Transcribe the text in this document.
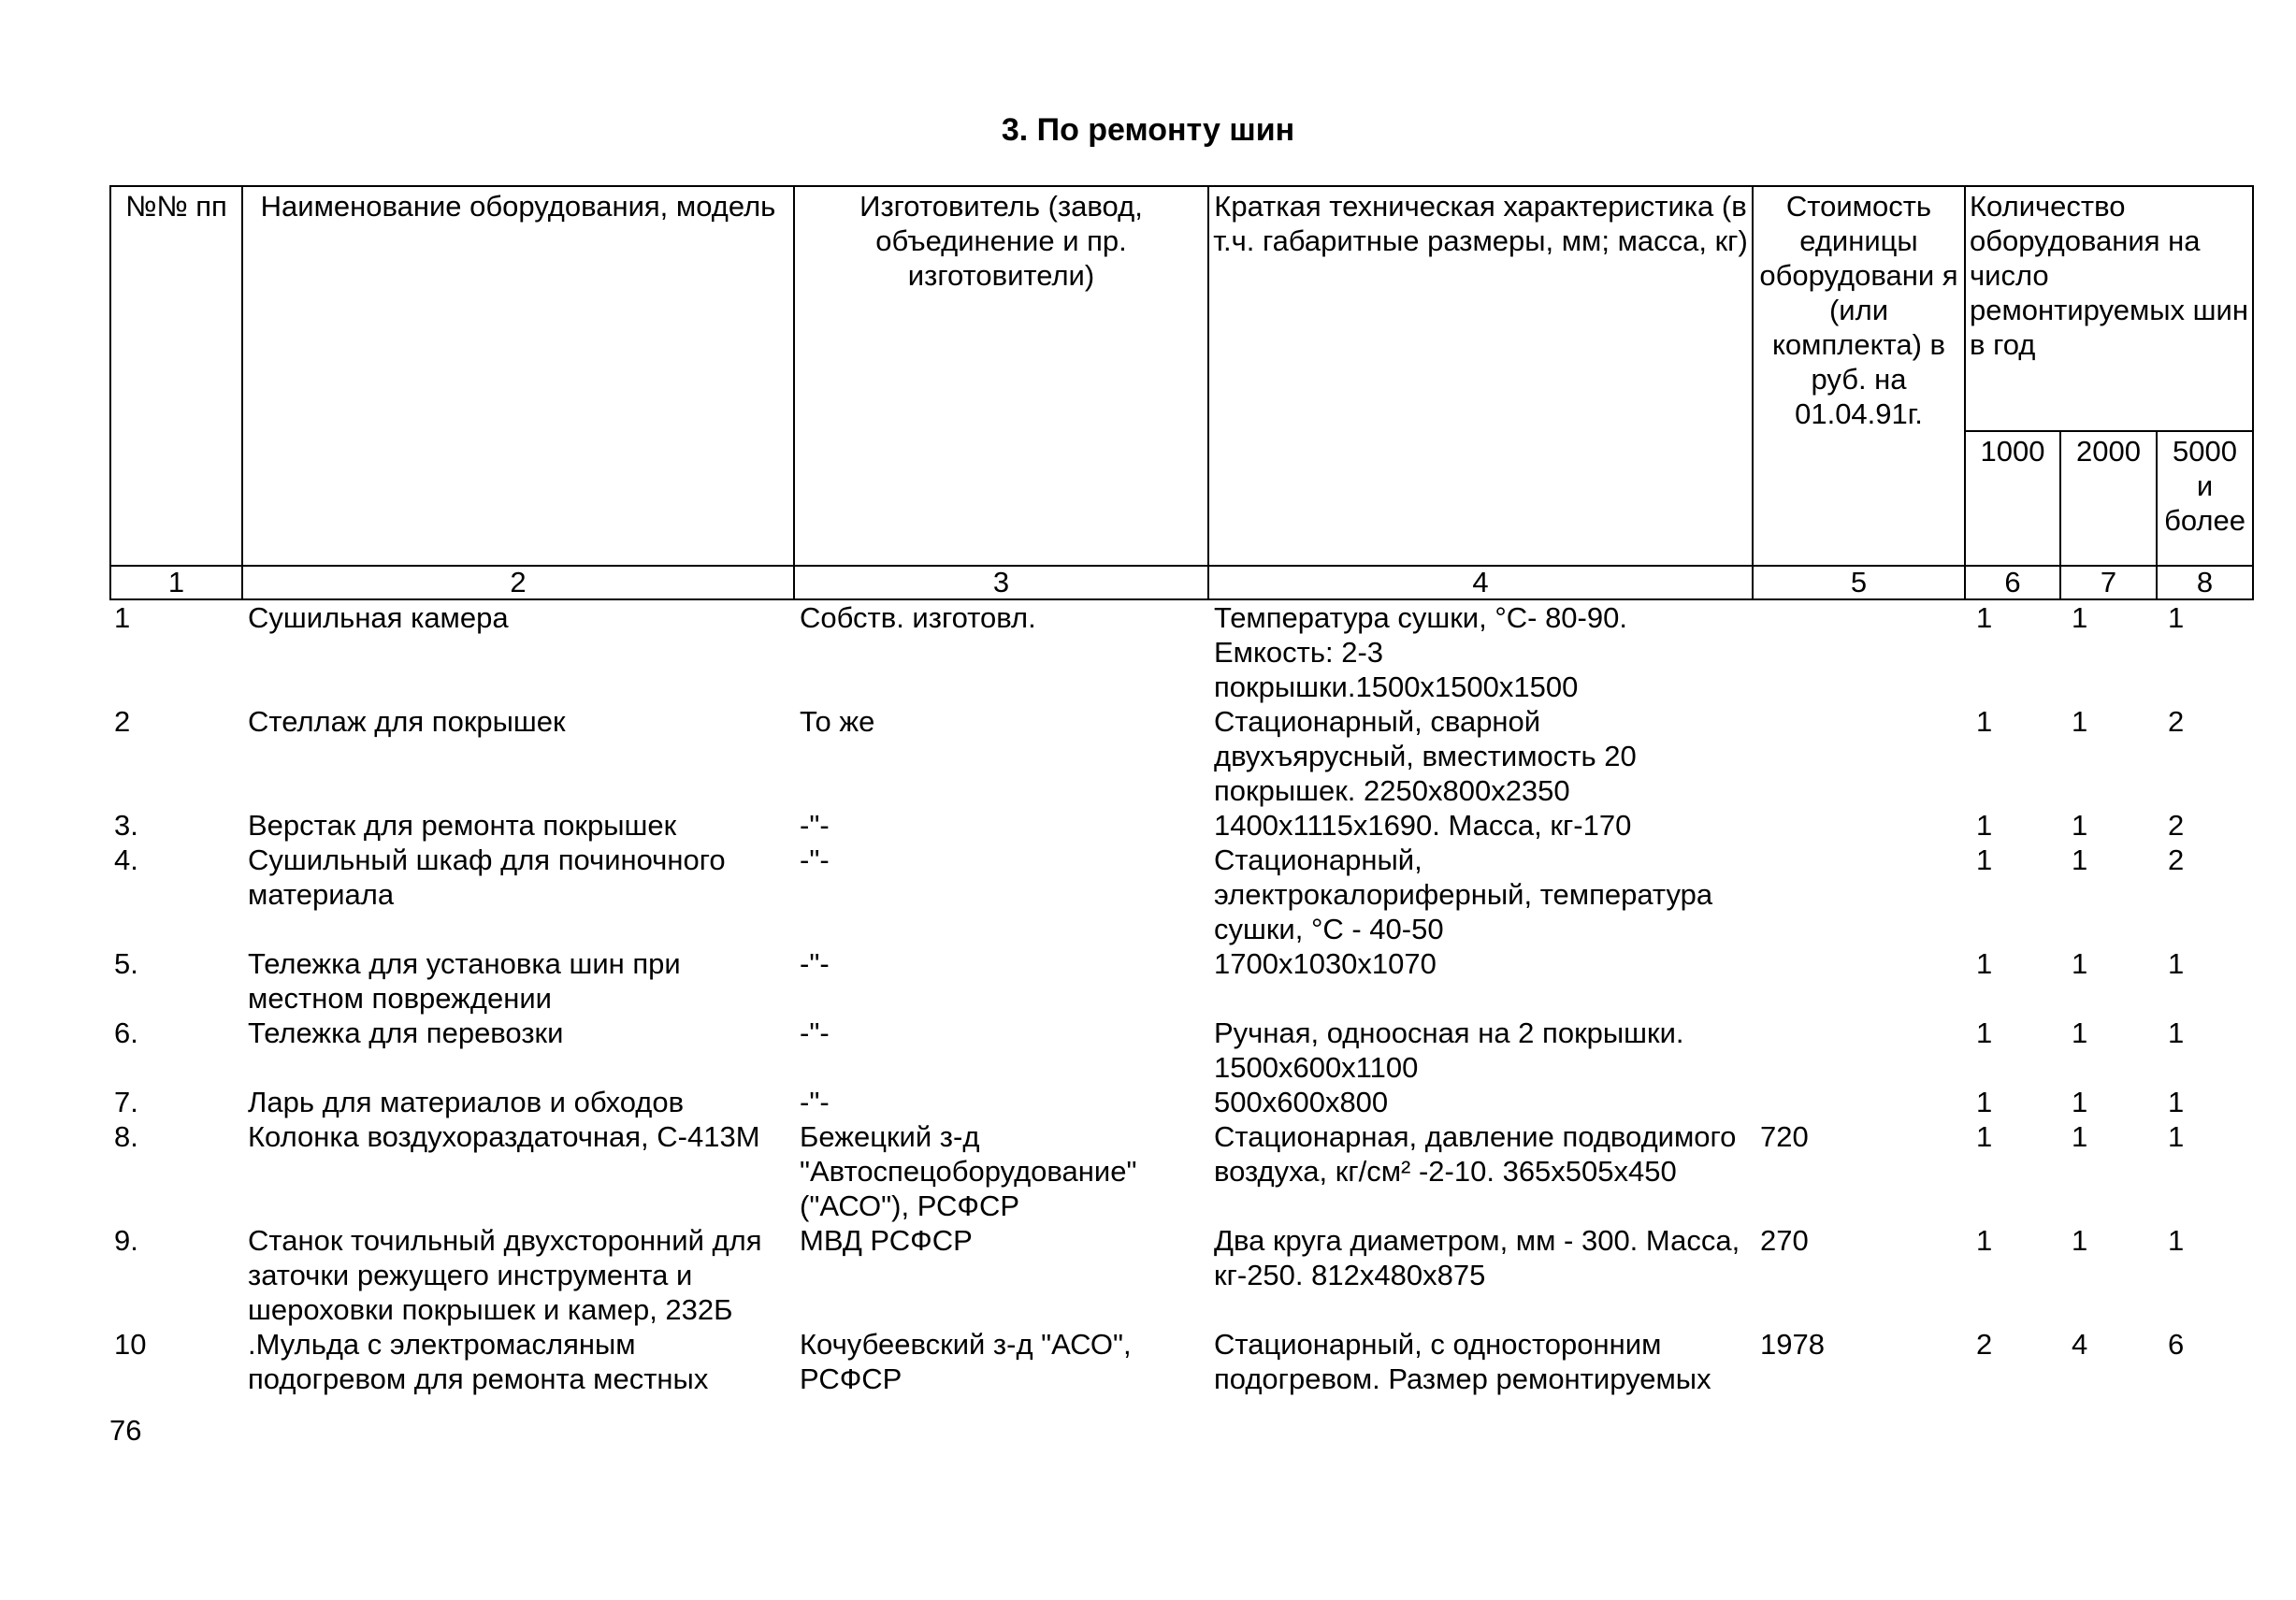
3. По ремонту шин
№№ пп	Наименование оборудования, модель	Изготовитель (завод, объединение и пр. изготовители)	Краткая техническая характеристика (в т.ч. габаритные размеры, мм; масса, кг)	Стоимость единицы оборудовани я (или комплекта) в руб. на 01.04.91г.	Количество оборудования на число ремонтируемых шин в год		
					1000	2000	5000 и более
1	2	3	4	5	6	7	8
1	Сушильная камера	Собств. изготовл.	Температура сушки, °C- 80-90. Емкость: 2-3 покрышки.1500x1500x1500		1	1	1
2	Стеллаж для покрышек	То же	Стационарный, сварной двухъярусный, вместимость 20 покрышек. 2250x800x2350		1	1	2
3.	Верстак для ремонта покрышек	-"-	1400x1115x1690. Масса, кг-170		1	1	2
4.	Сушильный шкаф для починочного материала	-"-	Стационарный, электрокалориферный, температура сушки, °C - 40-50		1	1	2
5.	Тележка для установка шин при местном повреждении	-"-	1700x1030x1070		1	1	1
6.	Тележка для перевозки	-"-	Ручная, одноосная на 2 покрышки. 1500x600x1100		1	1	1
7.	Ларь для материалов и обходов	-"-	500x600x800		1	1	1
8.	Колонка воздухораздаточная, С-413М	Бежецкий з-д "Автоспецоборудование" ("АСО"), РСФСР	Стационарная, давление подводимого воздуха, кг/см² -2-10. 365x505x450	720	1	1	1
9.	Станок точильный двухсторонний для заточки режущего инструмента и шероховки покрышек и камер, 232Б	МВД РСФСР	Два круга диаметром, мм - 300. Масса, кг-250. 812x480x875	270	1	1	1
10	.Мульда с электромасляным подогревом для ремонта местных	Кочубеевский з-д "АСО", РСФСР	Стационарный, с односторонним подогревом. Размер ремонтируемых	1978	2	4	6
76
